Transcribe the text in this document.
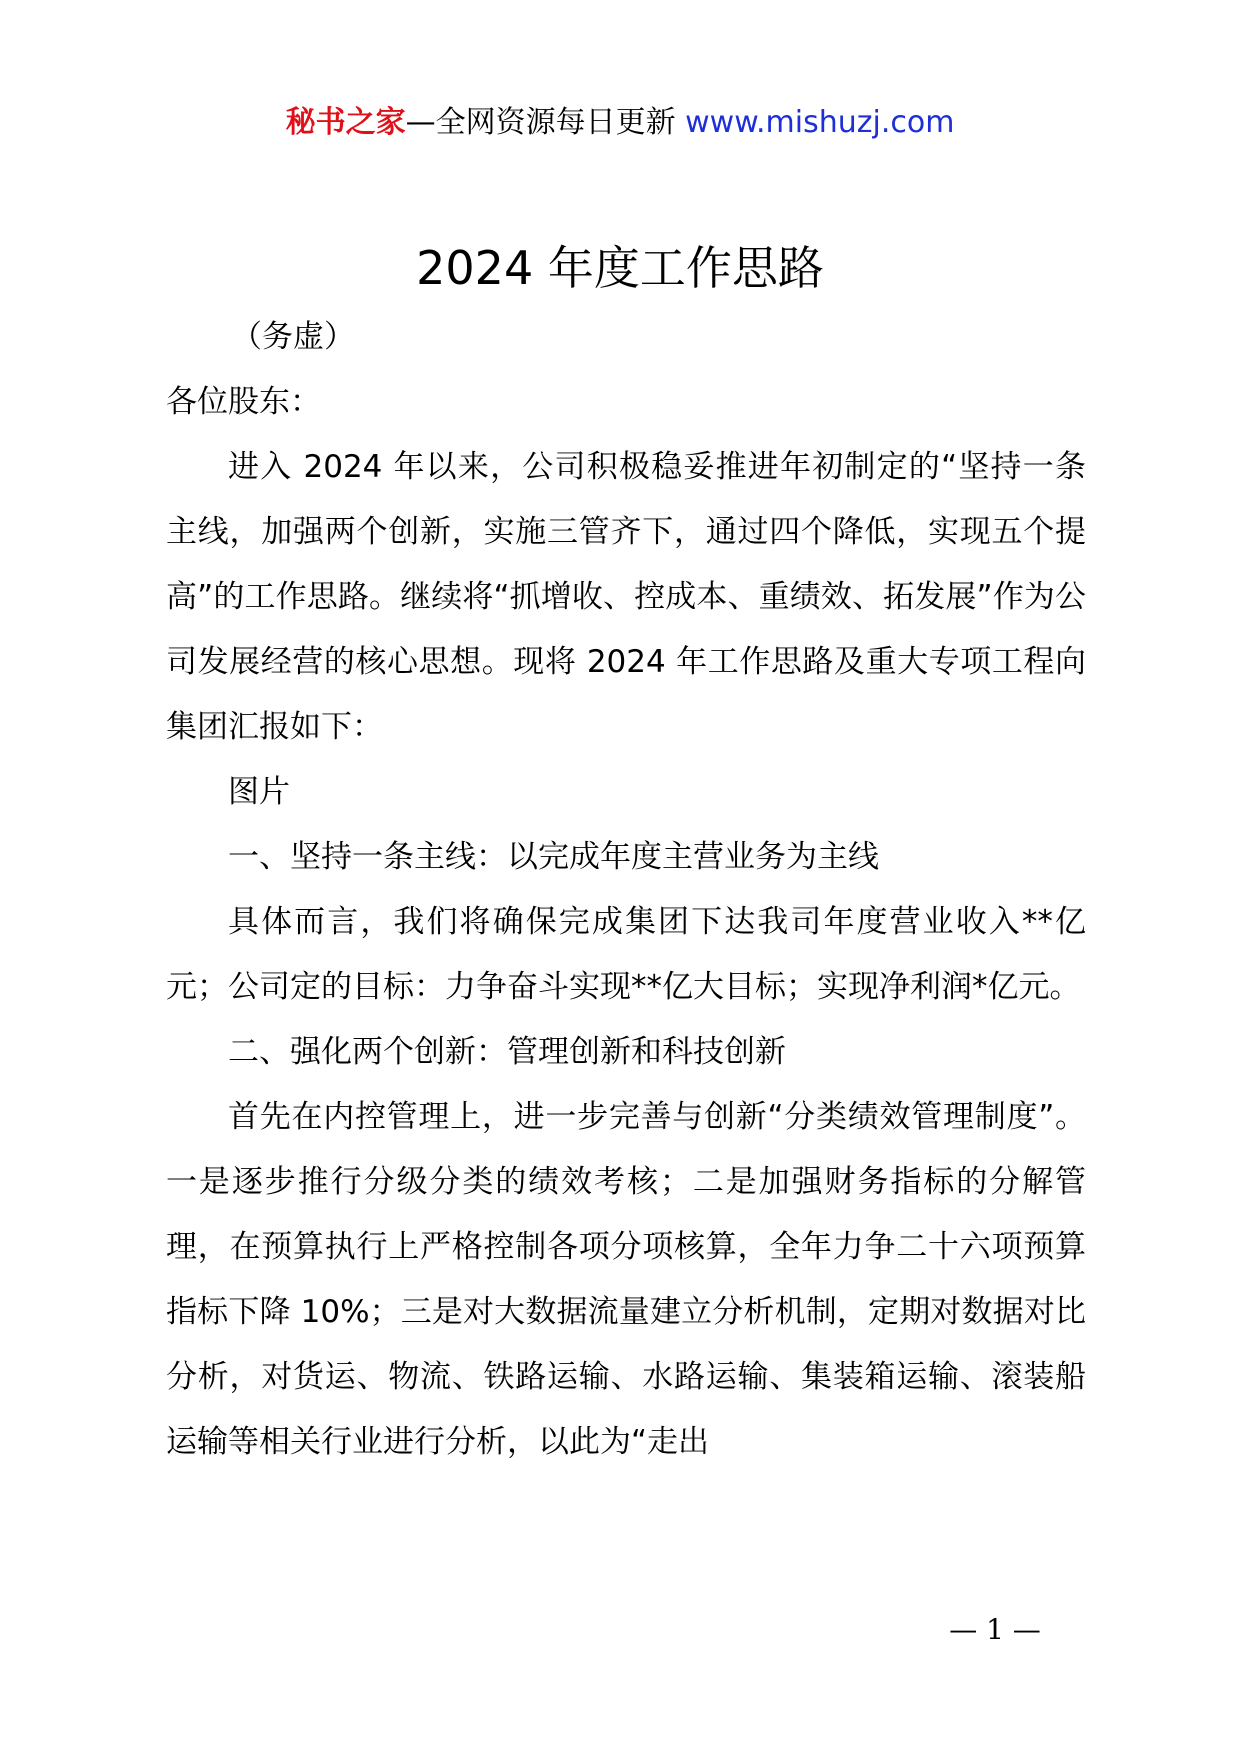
秘书之家—全网资源每日更新 www.mishuzj.com
2024 年度工作思路

（务虚）

各位股东：

进入 2024 年以来，公司积极稳妥推进年初制定的“坚持一条主线，加强两个创新，实施三管齐下，通过四个降低，实现五个提高”的工作思路。继续将“抓增收、控成本、重绩效、拓发展”作为公司发展经营的核心思想。现将 2024 年工作思路及重大专项工程向集团汇报如下：

图片

一、坚持一条主线：以完成年度主营业务为主线

具体而言，我们将确保完成集团下达我司年度营业收入**亿元；公司定的目标：力争奋斗实现**亿大目标；实现净利润*亿元。

二、强化两个创新：管理创新和科技创新

首先在内控管理上，进一步完善与创新“分类绩效管理制度”。一是逐步推行分级分类的绩效考核；二是加强财务指标的分解管理，在预算执行上严格控制各项分项核算，全年力争二十六项预算指标下降 10%；三是对大数据流量建立分析机制，定期对数据对比分析，对货运、物流、铁路运输、水路运输、集装箱运输、滚装船运输等相关行业进行分析，以此为“走出

— 1 —
